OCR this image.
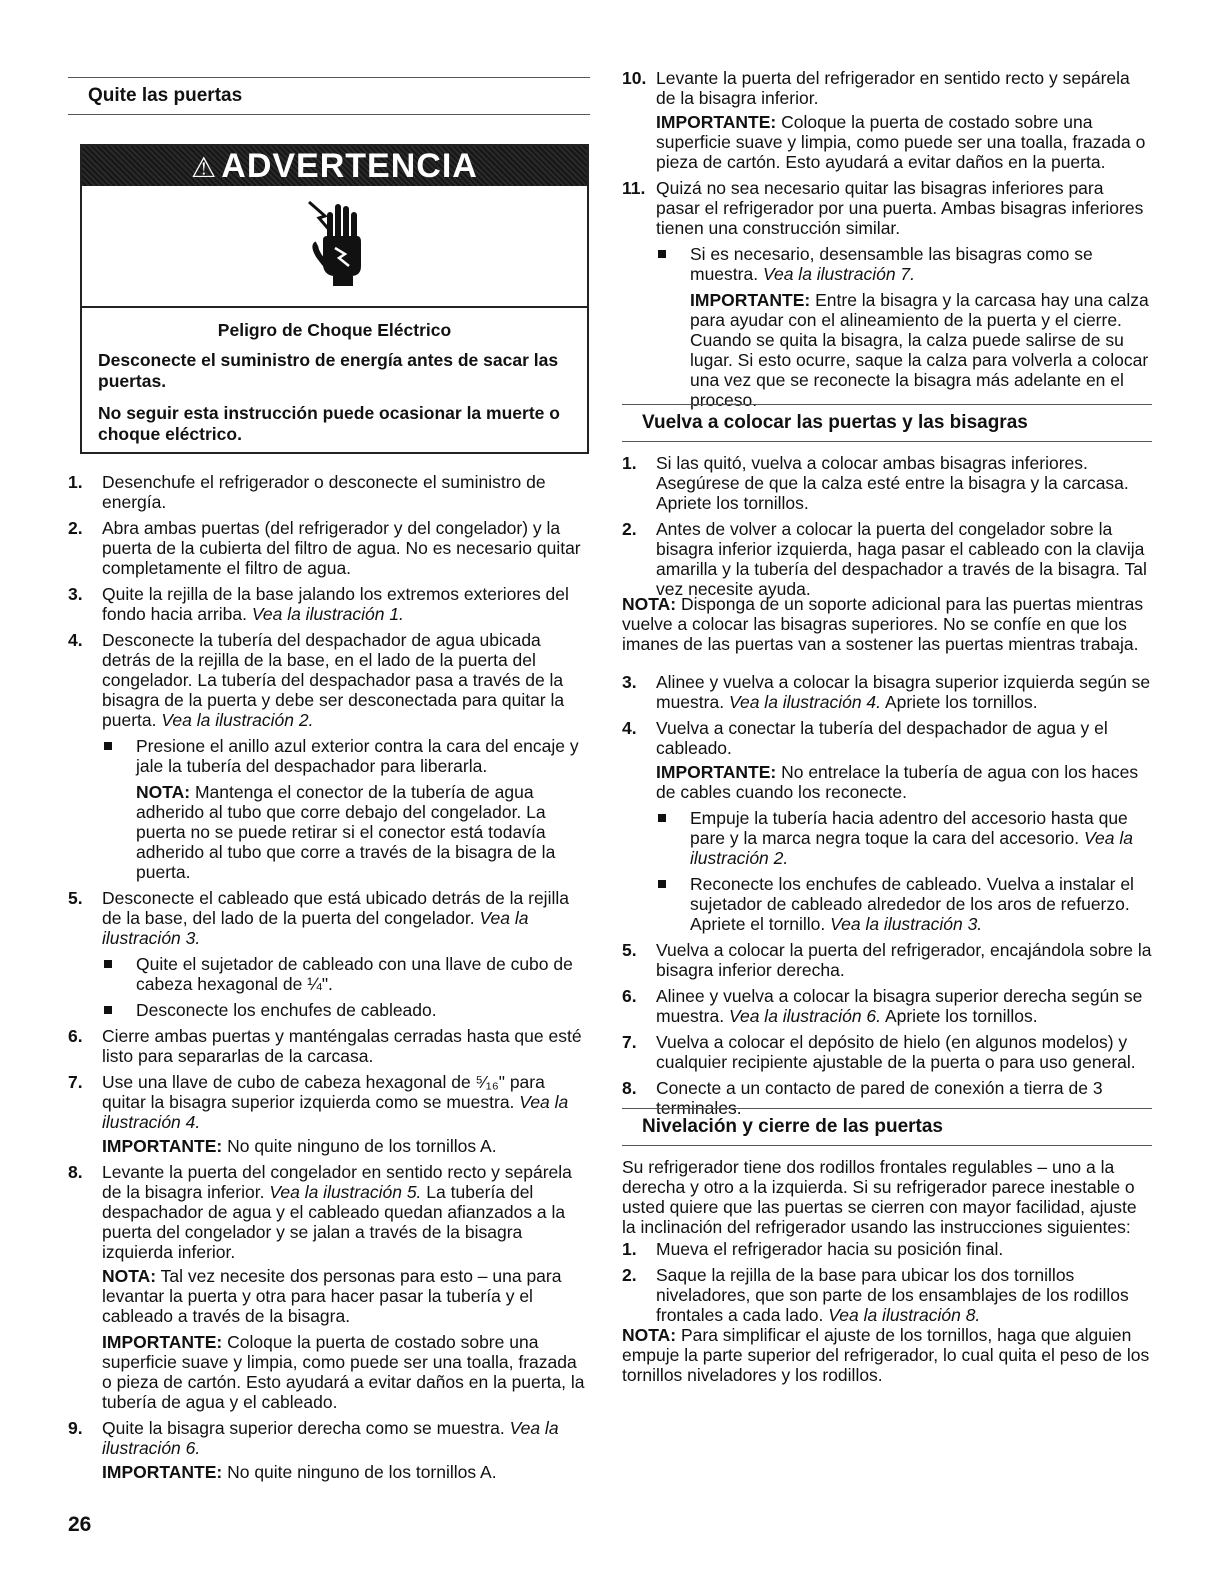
Quite las puertas
⚠ ADVERTENCIA
Peligro de Choque Eléctrico

Desconecte el suministro de energía antes de sacar las puertas.

No seguir esta instrucción puede ocasionar la muerte o choque eléctrico.

1. Desenchufe el refrigerador o desconecte el suministro de energía.
2. Abra ambas puertas (del refrigerador y del congelador) y la puerta de la cubierta del filtro de agua. No es necesario quitar completamente el filtro de agua.
3. Quite la rejilla de la base jalando los extremos exteriores del fondo hacia arriba. Vea la ilustración 1.
4. Desconecte la tubería del despachador de agua ubicada detrás de la rejilla de la base, en el lado de la puerta del congelador. La tubería del despachador pasa a través de la bisagra de la puerta y debe ser desconectada para quitar la puerta. Vea la ilustración 2.
Presione el anillo azul exterior contra la cara del encaje y jale la tubería del despachador para liberarla.
NOTA: Mantenga el conector de la tubería de agua adherido al tubo que corre debajo del congelador. La puerta no se puede retirar si el conector está todavía adherido al tubo que corre a través de la bisagra de la puerta.
5. Desconecte el cableado que está ubicado detrás de la rejilla de la base, del lado de la puerta del congelador. Vea la ilustración 3.
Quite el sujetador de cableado con una llave de cubo de cabeza hexagonal de ¼".
Desconecte los enchufes de cableado.
6. Cierre ambas puertas y manténgalas cerradas hasta que esté listo para separarlas de la carcasa.
7. Use una llave de cubo de cabeza hexagonal de ⁵⁄₁₆" para quitar la bisagra superior izquierda como se muestra. Vea la ilustración 4.
IMPORTANTE: No quite ninguno de los tornillos A.
8. Levante la puerta del congelador en sentido recto y sepárela de la bisagra inferior. Vea la ilustración 5. La tubería del despachador de agua y el cableado quedan afianzados a la puerta del congelador y se jalan a través de la bisagra izquierda inferior.
NOTA: Tal vez necesite dos personas para esto – una para levantar la puerta y otra para hacer pasar la tubería y el cableado a través de la bisagra.
IMPORTANTE: Coloque la puerta de costado sobre una superficie suave y limpia, como puede ser una toalla, frazada o pieza de cartón. Esto ayudará a evitar daños en la puerta, la tubería de agua y el cableado.
9. Quite la bisagra superior derecha como se muestra. Vea la ilustración 6.
IMPORTANTE: No quite ninguno de los tornillos A.
10. Levante la puerta del refrigerador en sentido recto y sepárela de la bisagra inferior.
IMPORTANTE: Coloque la puerta de costado sobre una superficie suave y limpia, como puede ser una toalla, frazada o pieza de cartón. Esto ayudará a evitar daños en la puerta.
11. Quizá no sea necesario quitar las bisagras inferiores para pasar el refrigerador por una puerta. Ambas bisagras inferiores tienen una construcción similar.
Si es necesario, desensamble las bisagras como se muestra. Vea la ilustración 7.
IMPORTANTE: Entre la bisagra y la carcasa hay una calza para ayudar con el alineamiento de la puerta y el cierre. Cuando se quita la bisagra, la calza puede salirse de su lugar. Si esto ocurre, saque la calza para volverla a colocar una vez que se reconecte la bisagra más adelante en el proceso.
Vuelva a colocar las puertas y las bisagras
1. Si las quitó, vuelva a colocar ambas bisagras inferiores. Asegúrese de que la calza esté entre la bisagra y la carcasa. Apriete los tornillos.
2. Antes de volver a colocar la puerta del congelador sobre la bisagra inferior izquierda, haga pasar el cableado con la clavija amarilla y la tubería del despachador a través de la bisagra. Tal vez necesite ayuda.

NOTA: Disponga de un soporte adicional para las puertas mientras vuelve a colocar las bisagras superiores. No se confíe en que los imanes de las puertas van a sostener las puertas mientras trabaja.

3. Alinee y vuelva a colocar la bisagra superior izquierda según se muestra. Vea la ilustración 4. Apriete los tornillos.
4. Vuelva a conectar la tubería del despachador de agua y el cableado.
IMPORTANTE: No entrelace la tubería de agua con los haces de cables cuando los reconecte.
Empuje la tubería hacia adentro del accesorio hasta que pare y la marca negra toque la cara del accesorio. Vea la ilustración 2.
Reconecte los enchufes de cableado. Vuelva a instalar el sujetador de cableado alrededor de los aros de refuerzo. Apriete el tornillo. Vea la ilustración 3.
5. Vuelva a colocar la puerta del refrigerador, encajándola sobre la bisagra inferior derecha.
6. Alinee y vuelva a colocar la bisagra superior derecha según se muestra. Vea la ilustración 6. Apriete los tornillos.
7. Vuelva a colocar el depósito de hielo (en algunos modelos) y cualquier recipiente ajustable de la puerta o para uso general.
8. Conecte a un contacto de pared de conexión a tierra de 3 terminales.
Nivelación y cierre de las puertas

Su refrigerador tiene dos rodillos frontales regulables – uno a la derecha y otro a la izquierda. Si su refrigerador parece inestable o usted quiere que las puertas se cierren con mayor facilidad, ajuste la inclinación del refrigerador usando las instrucciones siguientes:

1. Mueva el refrigerador hacia su posición final.
2. Saque la rejilla de la base para ubicar los dos tornillos niveladores, que son parte de los ensamblajes de los rodillos frontales a cada lado. Vea la ilustración 8.

NOTA: Para simplificar el ajuste de los tornillos, haga que alguien empuje la parte superior del refrigerador, lo cual quita el peso de los tornillos niveladores y los rodillos.

26
